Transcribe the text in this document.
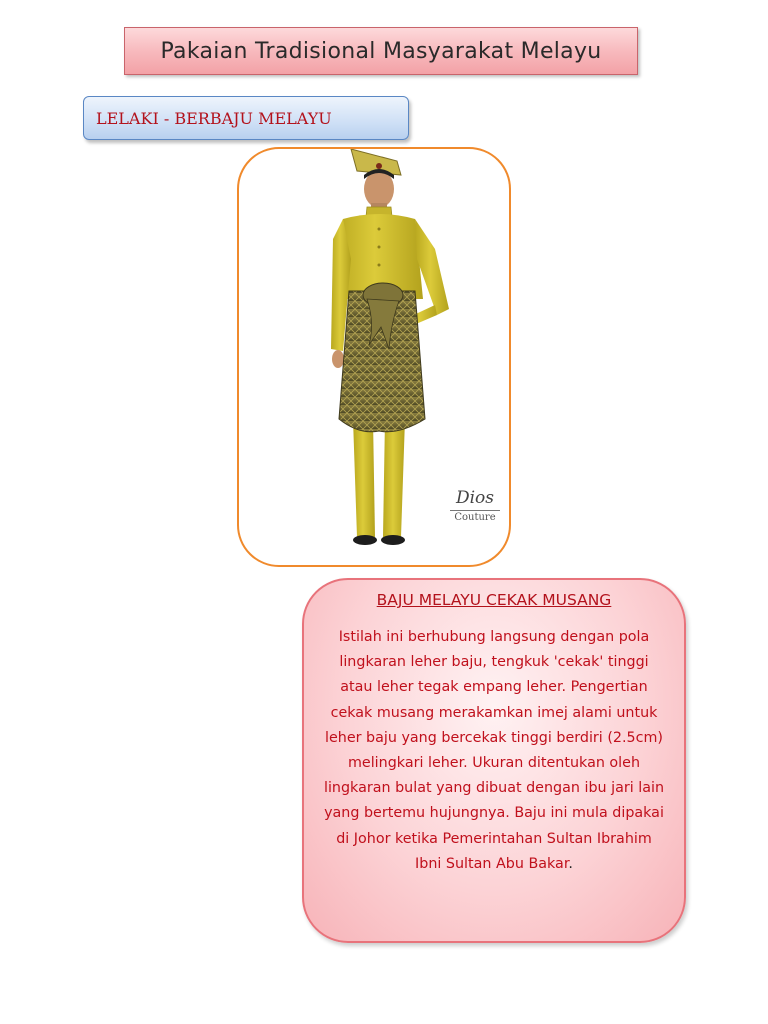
Pakaian Tradisional Masyarakat Melayu
LELAKI - BERBAJU MELAYU
Dios
Couture
BAJU MELAYU CEKAK MUSANG
Istilah ini berhubung langsung dengan pola lingkaran leher baju, tengkuk 'cekak' tinggi atau leher tegak empang leher. Pengertian cekak musang merakamkan imej alami untuk leher baju yang bercekak tinggi berdiri (2.5cm) melingkari leher. Ukuran ditentukan oleh lingkaran bulat yang dibuat dengan ibu jari lain yang bertemu hujungnya. Baju ini mula dipakai di Johor ketika Pemerintahan Sultan Ibrahim Ibni Sultan Abu Bakar.
